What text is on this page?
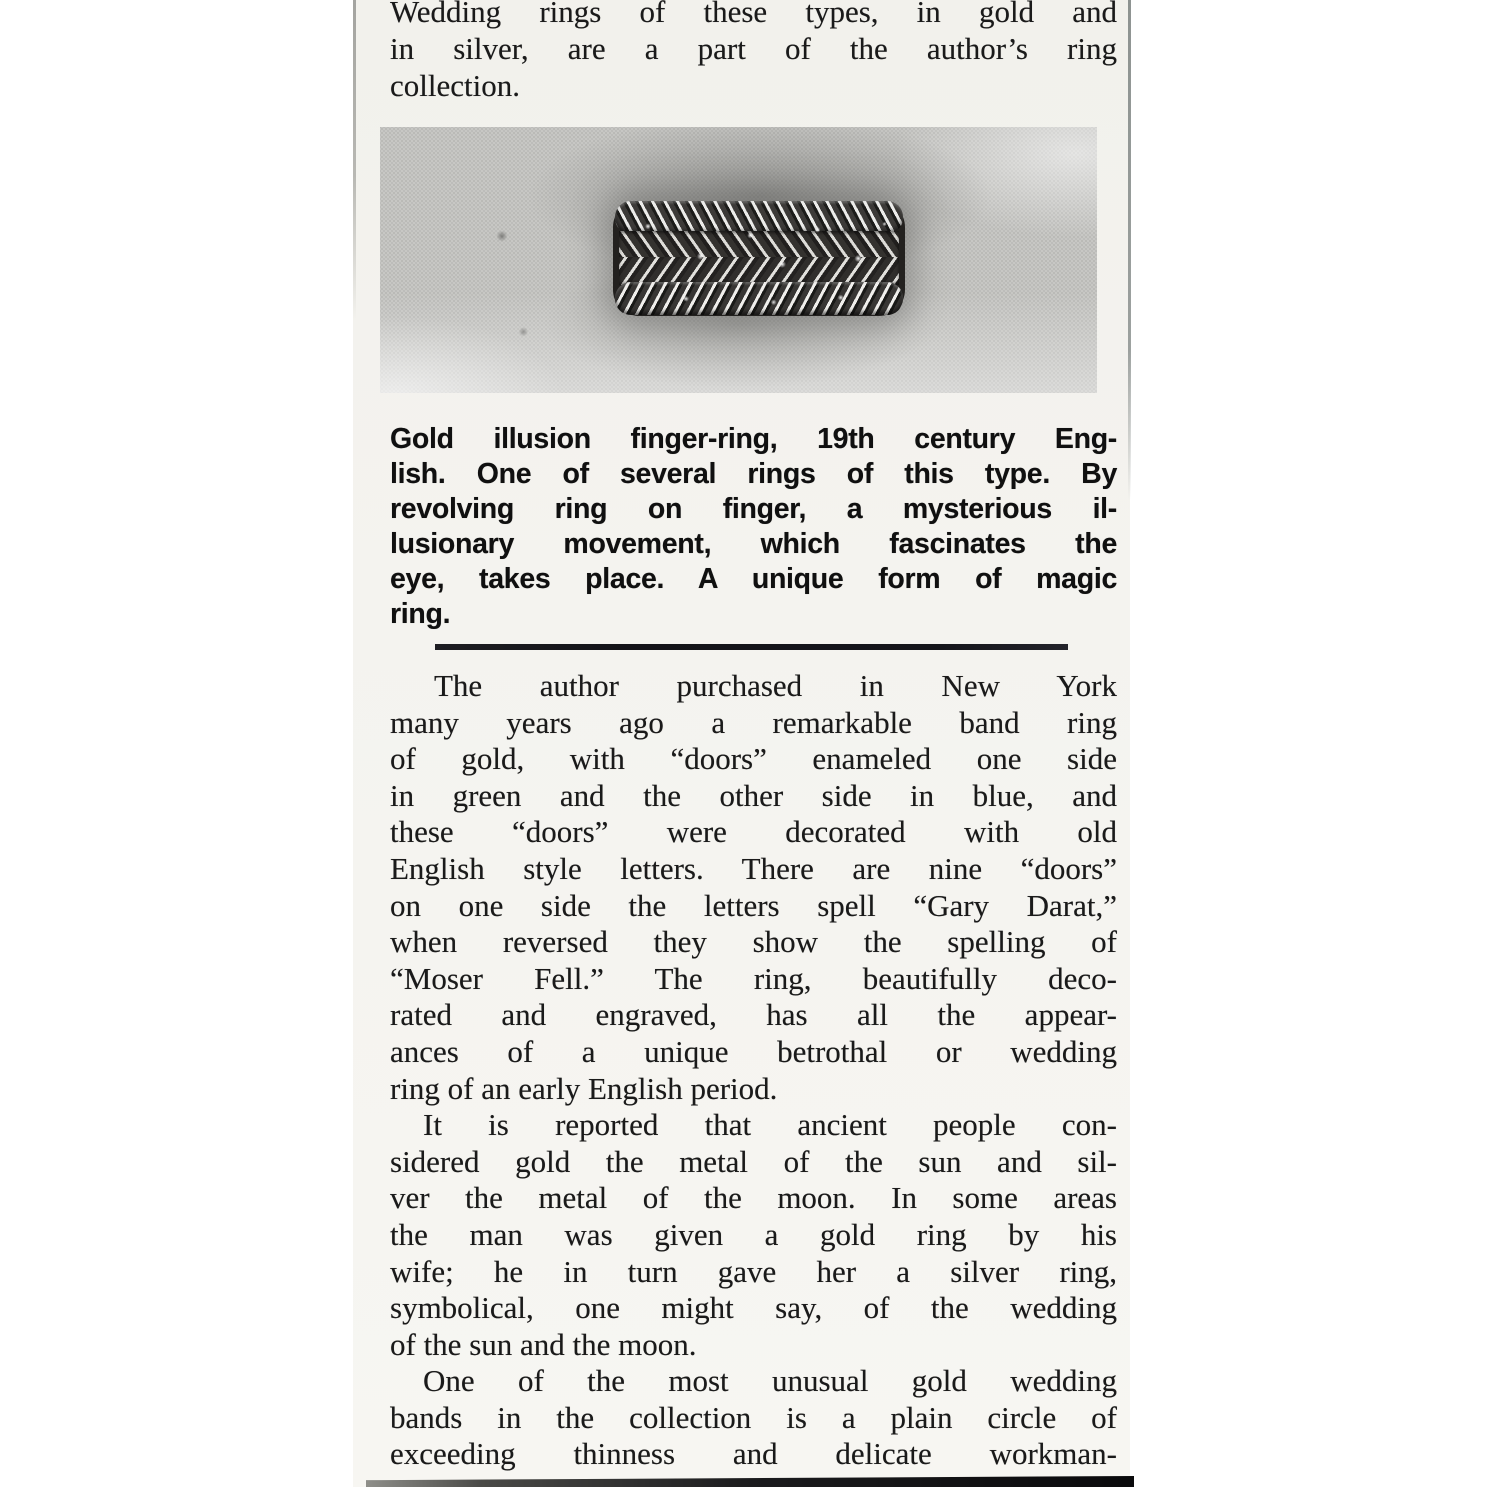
Wedding rings of these types, in gold and
in silver, are a part of the author’s ring
collection.
Gold illusion finger-ring, 19th century Eng-
lish. One of several rings of this type. By
revolving ring on finger, a mysterious il-
lusionary movement, which fascinates the
eye, takes place. A unique form of magic
ring.
The author purchased in New York
many years ago a remarkable band ring
of gold, with “doors” enameled one side
in green and the other side in blue, and
these “doors” were decorated with old
English style letters. There are nine “doors”
on one side the letters spell “Gary Darat,”
when reversed they show the spelling of
“Moser Fell.” The ring, beautifully deco-
rated and engraved, has all the appear-
ances of a unique betrothal or wedding
ring of an early English period.
It is reported that ancient people con-
sidered gold the metal of the sun and sil-
ver the metal of the moon. In some areas
the man was given a gold ring by his
wife; he in turn gave her a silver ring,
symbolical, one might say, of the wedding
of the sun and the moon.
One of the most unusual gold wedding
bands in the collection is a plain circle of
exceeding thinness and delicate workman-
